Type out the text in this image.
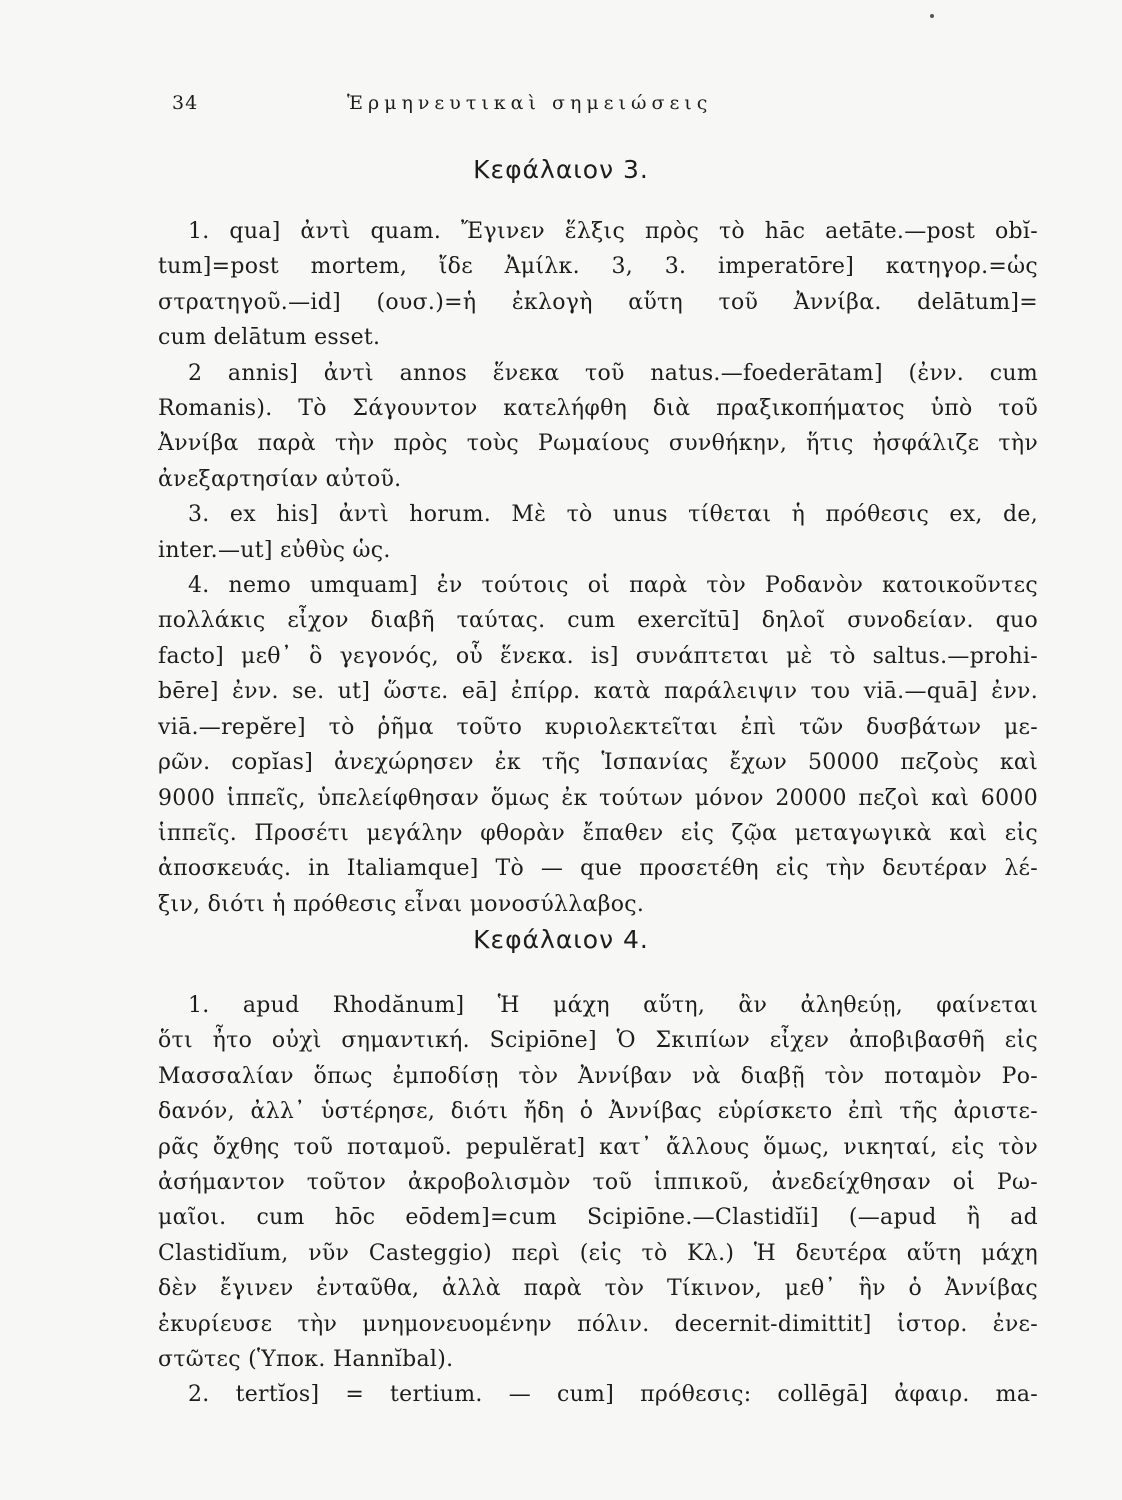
34	Ἑρμηνευτικαὶ σημειώσεις
Κεφάλαιον 3.
1. qua] ἀντὶ quam. Ἔγινεν ἕλξις πρὸς τὸ hāc aetāte.—post obĭ-
tum]=post mortem, ἴδε Ἀμίλκ. 3, 3. imperatōre] κατηγορ.=ὡς
στρατηγοῦ.—id] (ουσ.)=ἡ ἐκλογὴ αὕτη τοῦ Ἀννίβα. delātum]=
cum delātum esset.
2 annis] ἀντὶ annos ἕνεκα τοῦ natus.—foederātam] (ἐνν. cum
Romanis). Τὸ Σάγουντον κατελήφθη διὰ πραξικοπήματος ὑπὸ τοῦ
Ἀννίβα παρὰ τὴν πρὸς τοὺς Ρωμαίους συνθήκην, ἥτις ἠσφάλιζε τὴν
ἀνεξαρτησίαν αὐτοῦ.
3. ex his] ἀντὶ horum. Μὲ τὸ unus τίθεται ἡ πρόθεσις ex, de,
inter.—ut] εὐθὺς ὡς.
4. nemo umquam] ἐν τούτοις οἱ παρὰ τὸν Ροδανὸν κατοικοῦντες
πολλάκις εἶχον διαβῆ ταύτας. cum exercĭtū] δηλοῖ συνοδείαν. quo
facto] μεθ᾽ ὃ γεγονός, οὗ ἕνεκα. is] συνάπτεται μὲ τὸ saltus.—prohi-
bēre] ἐνν. se. ut] ὥστε. eā] ἐπίρρ. κατὰ παράλειψιν του viā.—quā] ἐνν.
viā.—repĕre] τὸ ῥῆμα τοῦτο κυριολεκτεῖται ἐπὶ τῶν δυσβάτων με-
ρῶν. copĭas] ἀνεχώρησεν ἐκ τῆς Ἱσπανίας ἔχων 50000 πεζοὺς καὶ
9000 ἱππεῖς, ὑπελείφθησαν ὅμως ἐκ τούτων μόνον 20000 πεζοὶ καὶ 6000
ἱππεῖς. Προσέτι μεγάλην φθορὰν ἔπαθεν εἰς ζῷα μεταγωγικὰ καὶ εἰς
ἀποσκευάς. in Italiamque] Τὸ — que προσετέθη εἰς τὴν δευτέραν λέ-
ξιν, διότι ἡ πρόθεσις εἶναι μονοσύλλαβος.
Κεφάλαιον 4.
1. apud Rhodănum] Ἡ μάχη αὕτη, ἂν ἀληθεύῃ, φαίνεται
ὅτι ἦτο οὐχὶ σημαντική. Scipiōne] Ὁ Σκιπίων εἶχεν ἀποβιβασθῆ εἰς
Μασσαλίαν ὅπως ἐμποδίσῃ τὸν Ἀννίβαν νὰ διαβῇ τὸν ποταμὸν Ρο-
δανόν, ἀλλ᾽ ὑστέρησε, διότι ἤδη ὁ Ἀννίβας εὑρίσκετο ἐπὶ τῆς ἀριστε-
ρᾶς ὄχθης τοῦ ποταμοῦ. pepulĕrat] κατ᾽ ἄλλους ὅμως, νικηταί, εἰς τὸν
ἀσήμαντον τοῦτον ἀκροβολισμὸν τοῦ ἱππικοῦ, ἀνεδείχθησαν οἱ Ρω-
μαῖοι. cum hōc eōdem]=cum Scipiōne.—Clastidĭi] (—apud ἢ ad
Clastidĭum, νῦν Casteggio) περὶ (εἰς τὸ Κλ.) Ἡ δευτέρα αὕτη μάχη
δὲν ἔγινεν ἐνταῦθα, ἀλλὰ παρὰ τὸν Τίκινον, μεθ᾽ ἣν ὁ Ἀννίβας
ἐκυρίευσε τὴν μνημονευομένην πόλιν. decernit-dimittit] ἱστορ. ἐνε-
στῶτες (Ὑποκ. Hannĭbal).
2. tertĭos] = tertium. — cum] πρόθεσις: collēgā] ἀφαιρ. ma-
